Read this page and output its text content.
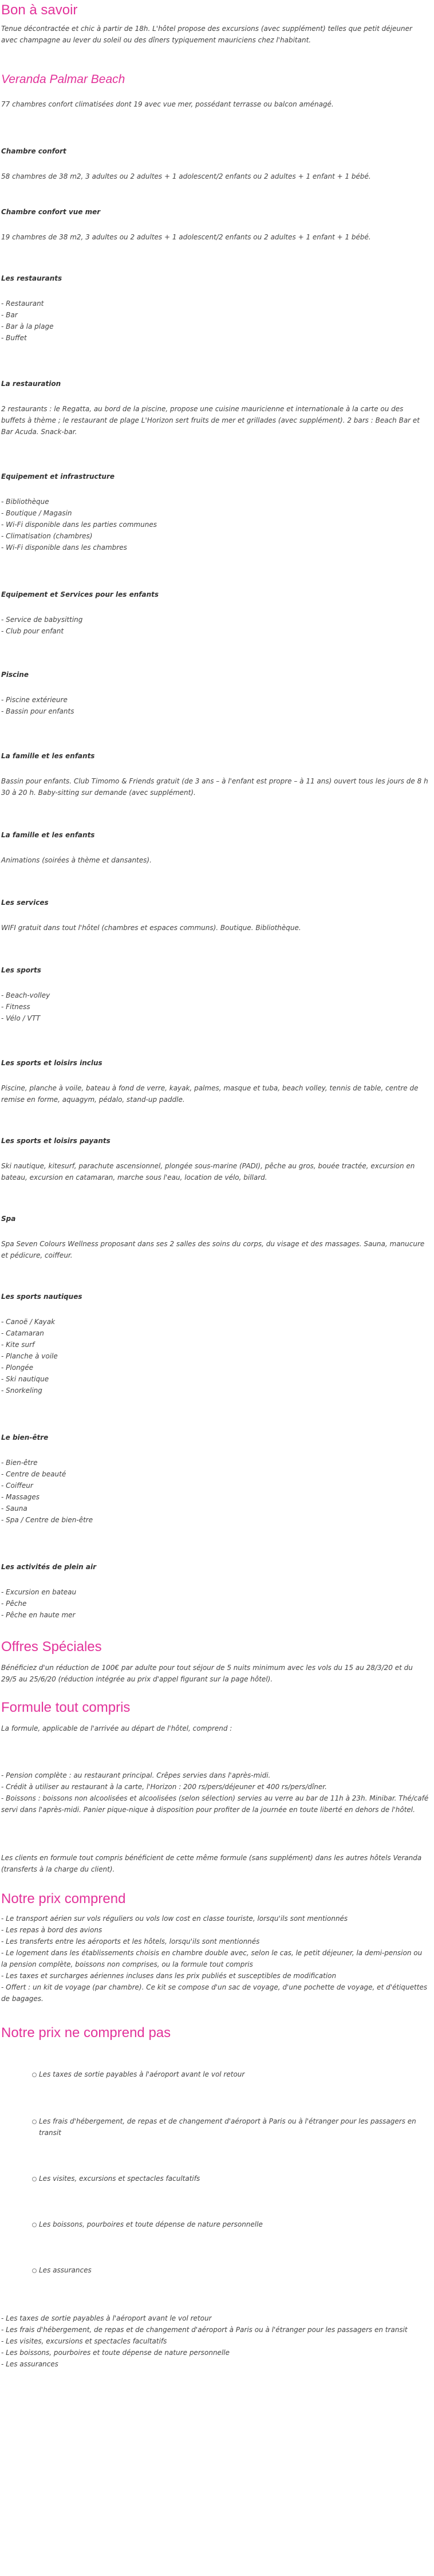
Bon à savoir

Tenue décontractée et chic à partir de 18h. L'hôtel propose des excursions (avec supplément) telles que petit déjeuner avec champagne au lever du soleil ou des dîners typiquement mauriciens chez l'habitant.

Veranda Palmar Beach

77 chambres confort climatisées dont 19 avec vue mer, possédant terrasse ou balcon aménagé.

Chambre confort

58 chambres de 38 m2, 3 adultes ou 2 adultes + 1 adolescent/2 enfants ou 2 adultes + 1 enfant + 1 bébé.

Chambre confort vue mer

19 chambres de 38 m2, 3 adultes ou 2 adultes + 1 adolescent/2 enfants ou 2 adultes + 1 enfant + 1 bébé.

Les restaurants
- Restaurant
- Bar
- Bar à la plage
- Buffet
La restauration

2 restaurants : le Regatta, au bord de la piscine, propose une cuisine mauricienne et internationale à la carte ou des buffets à thème ; le restaurant de plage L'Horizon sert fruits de mer et grillades (avec supplément). 2 bars : Beach Bar et Bar Acuda. Snack-bar.

Equipement et infrastructure
- Bibliothèque
- Boutique / Magasin
- Wi-Fi disponible dans les parties communes
- Climatisation (chambres)
- Wi-Fi disponible dans les chambres
Equipement et Services pour les enfants
- Service de babysitting
- Club pour enfant
Piscine
- Piscine extérieure
- Bassin pour enfants
La famille et les enfants

Bassin pour enfants. Club Timomo & Friends gratuit (de 3 ans – à l'enfant est propre – à 11 ans) ouvert tous les jours de 8 h 30 à 20 h. Baby-sitting sur demande (avec supplément).

La famille et les enfants

Animations (soirées à thème et dansantes).

Les services

WIFI gratuit dans tout l'hôtel (chambres et espaces communs). Boutique. Bibliothèque.

Les sports
- Beach-volley
- Fitness
- Vélo / VTT
Les sports et loisirs inclus

Piscine, planche à voile, bateau à fond de verre, kayak, palmes, masque et tuba, beach volley, tennis de table, centre de remise en forme, aquagym, pédalo, stand-up paddle.

Les sports et loisirs payants

Ski nautique, kitesurf, parachute ascensionnel, plongée sous-marine (PADI), pêche au gros, bouée tractée, excursion en bateau, excursion en catamaran, marche sous l'eau, location de vélo, billard.

Spa

Spa Seven Colours Wellness proposant dans ses 2 salles des soins du corps, du visage et des massages. Sauna, manucure et pédicure, coiffeur.

Les sports nautiques
- Canoë / Kayak
- Catamaran
- Kite surf
- Planche à voile
- Plongée
- Ski nautique
- Snorkeling
Le bien-être
- Bien-être
- Centre de beauté
- Coiffeur
- Massages
- Sauna
- Spa / Centre de bien-être
Les activités de plein air
- Excursion en bateau
- Pêche
- Pêche en haute mer
Offres Spéciales

Bénéficiez d'un réduction de 100€ par adulte pour tout séjour de 5 nuits minimum avec les vols du 15 au 28/3/20 et du 29/5 au 25/6/20 (réduction intégrée au prix d'appel figurant sur la page hôtel).

Formule tout compris

La formule, applicable de l'arrivée au départ de l'hôtel, comprend :

- Pension complète : au restaurant principal. Crêpes servies dans l'après-midi.

- Crédit à utiliser au restaurant à la carte, l'Horizon : 200 rs/pers/déjeuner et 400 rs/pers/dîner.

- Boissons : boissons non alcoolisées et alcoolisées (selon sélection) servies au verre au bar de 11h à 23h. Minibar. Thé/café servi dans l'après-midi. Panier pique-nique à disposition pour profiter de la journée en toute liberté en dehors de l'hôtel.

Les clients en formule tout compris bénéficient de cette même formule (sans supplément) dans les autres hôtels Veranda (transferts à la charge du client).

Notre prix comprend
- Le transport aérien sur vols réguliers ou vols low cost en classe touriste, lorsqu'ils sont mentionnés
- Les repas à bord des avions
- Les transferts entre les aéroports et les hôtels, lorsqu'ils sont mentionnés
- Le logement dans les établissements choisis en chambre double avec, selon le cas, le petit déjeuner, la demi-pension ou la pension complète, boissons non comprises, ou la formule tout compris
- Les taxes et surcharges aériennes incluses dans les prix publiés et susceptibles de modification
- Offert : un kit de voyage (par chambre). Ce kit se compose d'un sac de voyage, d'une pochette de voyage, et d'étiquettes de bagages.
Notre prix ne comprend pas
Les taxes de sortie payables à l'aéroport avant le vol retour
Les frais d'hébergement, de repas et de changement d'aéroport à Paris ou à l'étranger pour les passagers en transit
Les visites, excursions et spectacles facultatifs
Les boissons, pourboires et toute dépense de nature personnelle
Les assurances
- Les taxes de sortie payables à l'aéroport avant le vol retour
- Les frais d'hébergement, de repas et de changement d'aéroport à Paris ou à l'étranger pour les passagers en transit
- Les visites, excursions et spectacles facultatifs
- Les boissons, pourboires et toute dépense de nature personnelle
- Les assurances
